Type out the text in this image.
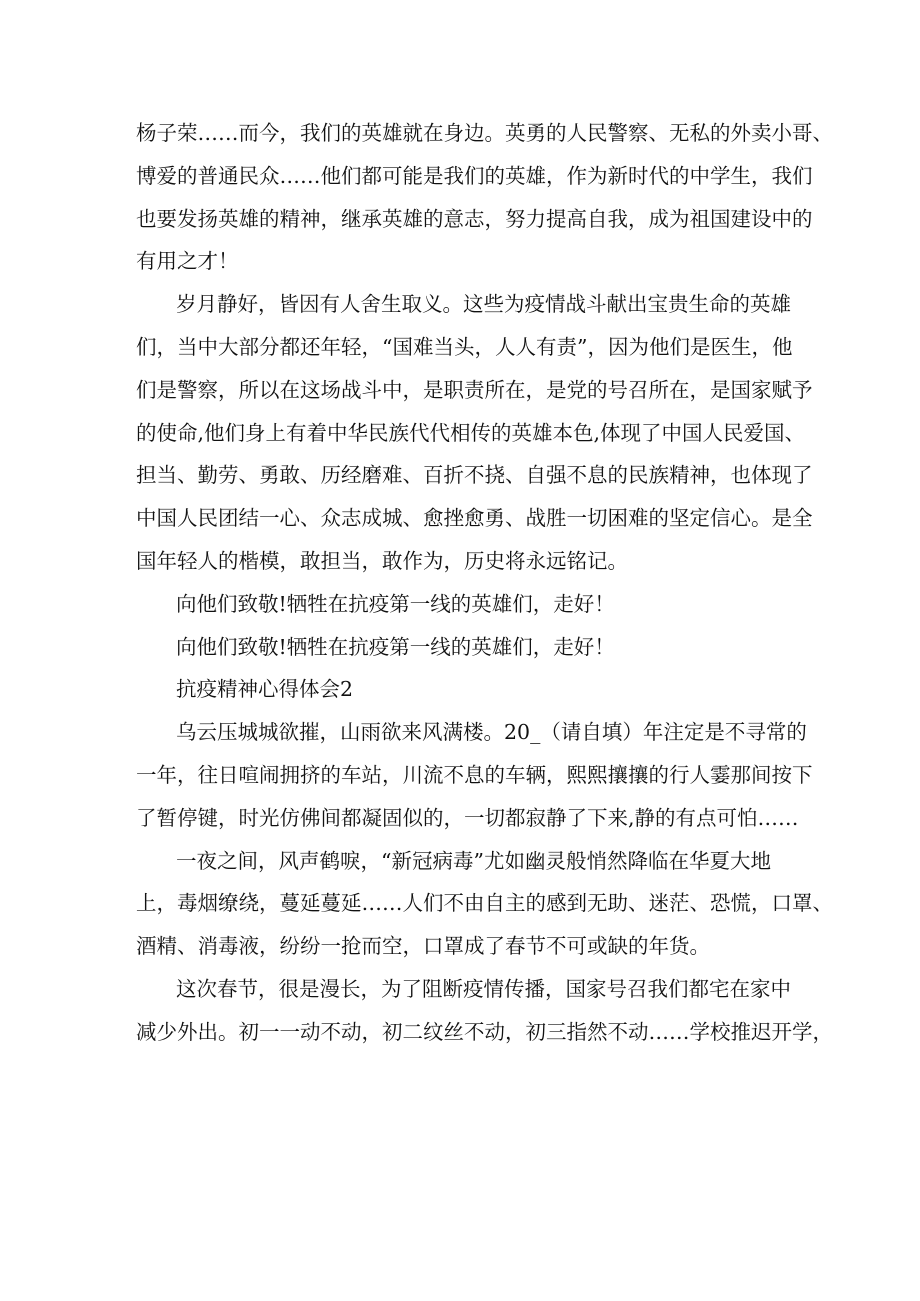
杨子荣……而今，我们的英雄就在身边。英勇的人民警察、无私的外卖小哥、
博爱的普通民众……他们都可能是我们的英雄，作为新时代的中学生，我们
也要发扬英雄的精神，继承英雄的意志，努力提高自我，成为祖国建设中的
有用之才！
岁月静好，皆因有人舍生取义。这些为疫情战斗献出宝贵生命的英雄
们，当中大部分都还年轻，“国难当头，人人有责”，因为他们是医生，他
们是警察，所以在这场战斗中，是职责所在，是党的号召所在，是国家赋予
的使命,他们身上有着中华民族代代相传的英雄本色,体现了中国人民爱国、
担当、勤劳、勇敢、历经磨难、百折不挠、自强不息的民族精神，也体现了
中国人民团结一心、众志成城、愈挫愈勇、战胜一切困难的坚定信心。是全
国年轻人的楷模，敢担当，敢作为，历史将永远铭记。
向他们致敬!牺牲在抗疫第一线的英雄们，走好！
向他们致敬!牺牲在抗疫第一线的英雄们，走好！
抗疫精神心得体会2
乌云压城城欲摧，山雨欲来风满楼。20_（请自填）年注定是不寻常的
一年，往日喧闹拥挤的车站，川流不息的车辆，熙熙攘攘的行人霎那间按下
了暂停键，时光仿佛间都凝固似的，一切都寂静了下来,静的有点可怕……
一夜之间，风声鹤唳，“新冠病毒”尤如幽灵般悄然降临在华夏大地
上，毒烟缭绕，蔓延蔓延……人们不由自主的感到无助、迷茫、恐慌，口罩、
酒精、消毒液，纷纷一抢而空，口罩成了春节不可或缺的年货。
这次春节，很是漫长，为了阻断疫情传播，国家号召我们都宅在家中
减少外出。初一一动不动，初二纹丝不动，初三指然不动……学校推迟开学，
